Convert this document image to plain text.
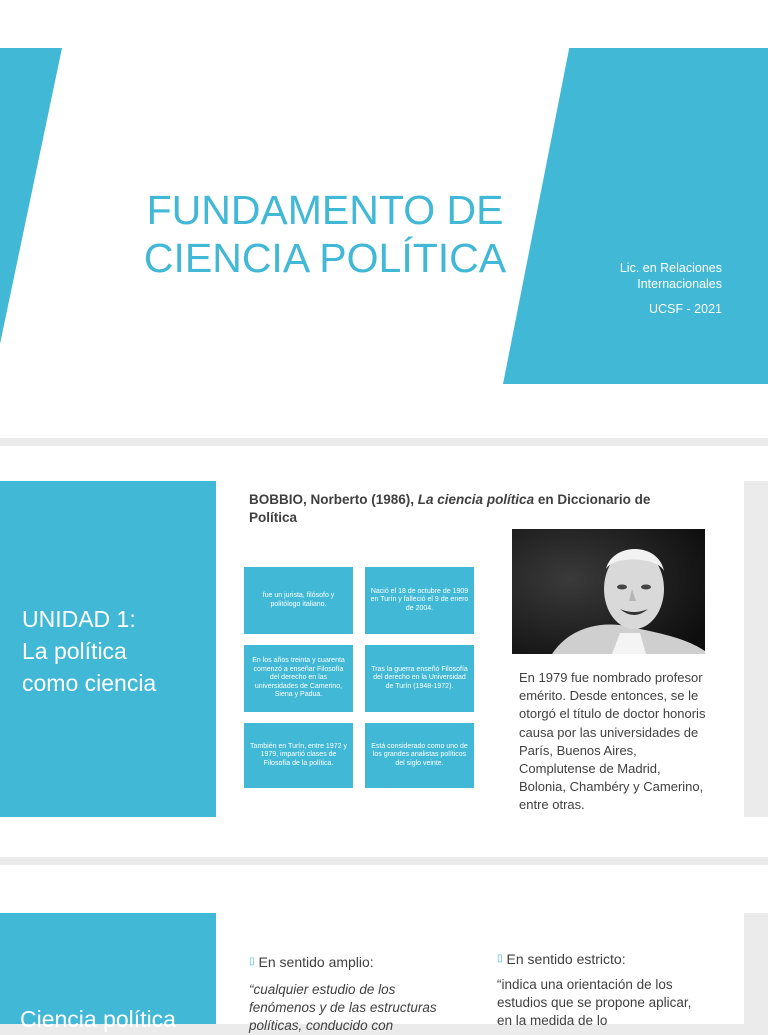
FUNDAMENTO DE
CIENCIA POLÍTICA	Lic. en Relaciones Internacionales
UCSF - 2021
UNIDAD 1:
La política
como ciencia
BOBBIO, Norberto (1986), La ciencia política en Diccionario de Política
fue un jurista, filósofo y politólogo italiano.
Nació el 18 de octubre de 1909 en Turín y falleció el 9 de enero de 2004.
En los años treinta y cuarenta comenzó a enseñar Filosofía del derecho en las universidades de Camerino, Siena y Padua.
Tras la guerra enseñó Filosofía del derecho en la Universidad de Turín (1948-1972).
También en Turín, entre 1972 y 1979, impartió clases de Filosofía de la política.
Está considerado como uno de los grandes analistas políticos del siglo veinte.
En 1979 fue nombrado profesor emérito. Desde entonces, se le otorgó el título de doctor honoris causa por las universidades de París, Buenos Aires, Complutense de Madrid, Bolonia, Chambéry y Camerino, entre otras.
Ciencia política
▯ En sentido amplio:
“cualquier estudio de los fenómenos y de las estructuras políticas, conducido con
▯ En sentido estricto:
“indica una orientación de los estudios que se propone aplicar, en la medida de lo
